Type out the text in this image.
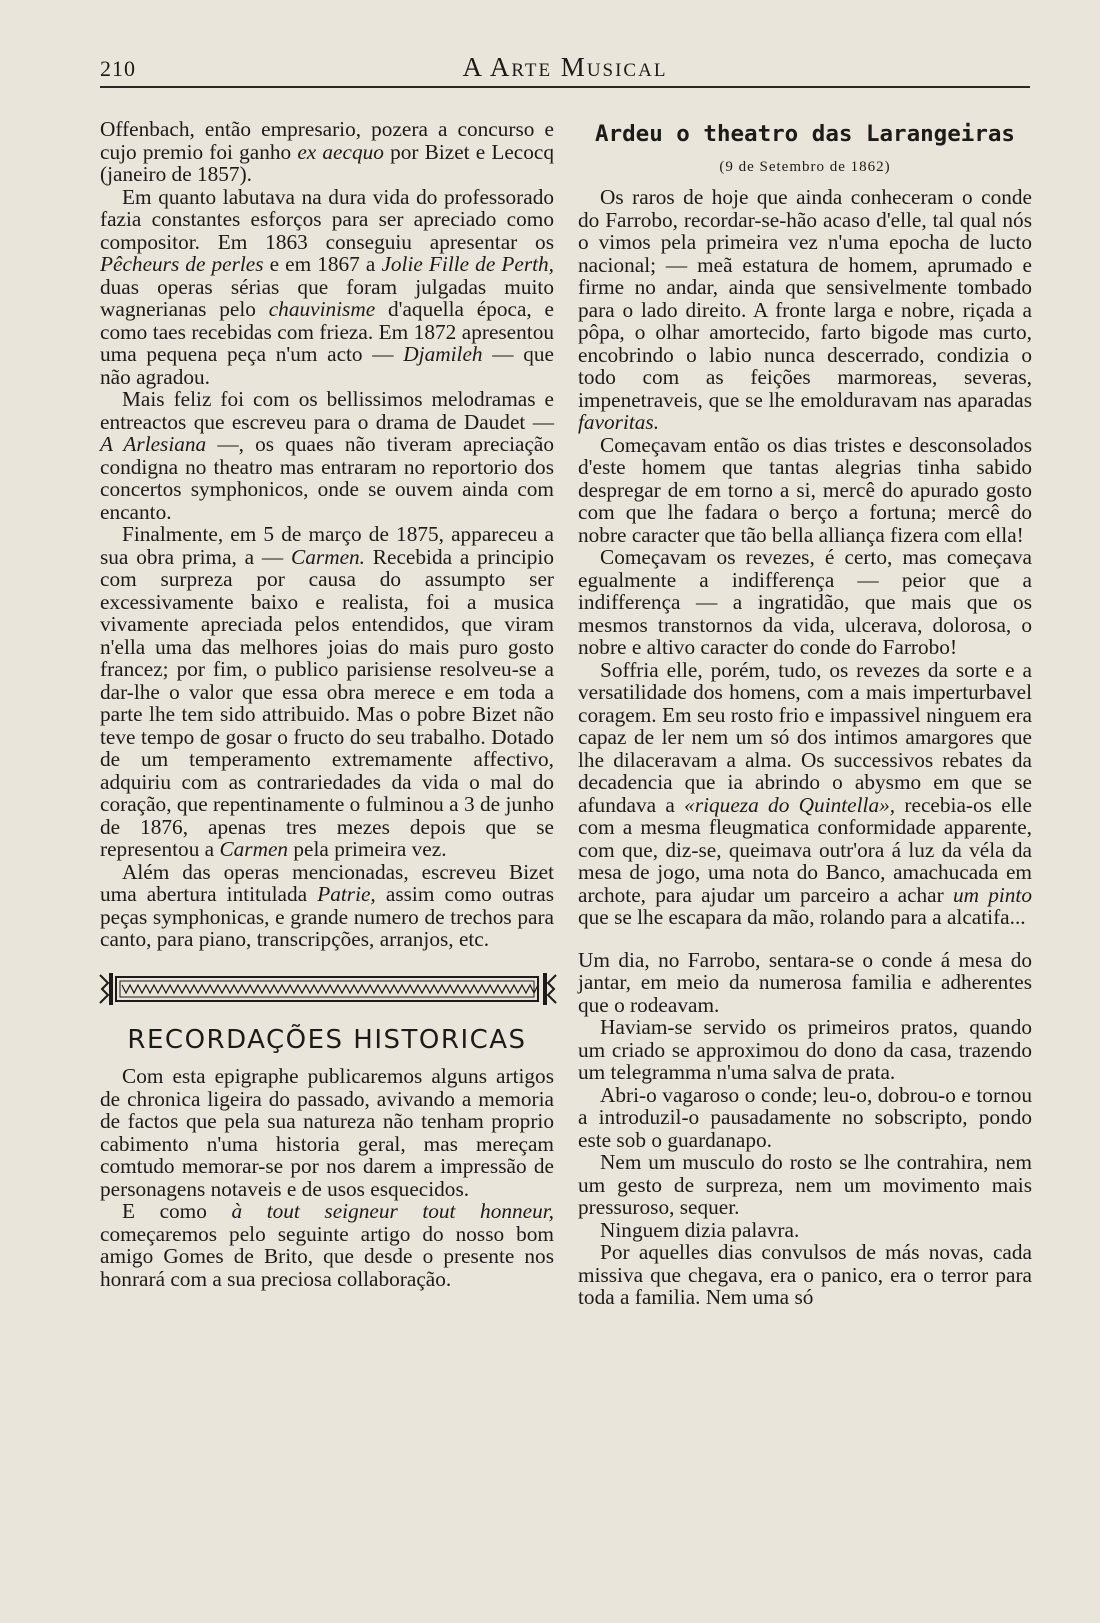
210	A Arte Musical

Offenbach, então empresario, pozera a concurso e cujo premio foi ganho ex aecquo por Bizet e Lecocq (janeiro de 1857).

Em quanto labutava na dura vida do professorado fazia constantes esforços para ser apreciado como compositor. Em 1863 conseguiu apresentar os Pêcheurs de perles e em 1867 a Jolie Fille de Perth, duas operas sérias que foram julgadas muito wagnerianas pelo chauvinisme d'aquella época, e como taes recebidas com frieza. Em 1872 apresentou uma pequena peça n'um acto — Djamileh — que não agradou.

Mais feliz foi com os bellissimos melodramas e entreactos que escreveu para o drama de Daudet — A Arlesiana —, os quaes não tiveram apreciação condigna no theatro mas entraram no reportorio dos concertos symphonicos, onde se ouvem ainda com encanto.

Finalmente, em 5 de março de 1875, appareceu a sua obra prima, a — Carmen. Recebida a principio com surpreza por causa do assumpto ser excessivamente baixo e realista, foi a musica vivamente apreciada pelos entendidos, que viram n'ella uma das melhores joias do mais puro gosto francez; por fim, o publico parisiense resolveu-se a dar-lhe o valor que essa obra merece e em toda a parte lhe tem sido attribuido. Mas o pobre Bizet não teve tempo de gosar o fructo do seu trabalho. Dotado de um temperamento extremamente affectivo, adquiriu com as contrariedades da vida o mal do coração, que repentinamente o fulminou a 3 de junho de 1876, apenas tres mezes depois que se representou a Carmen pela primeira vez.

Além das operas mencionadas, escreveu Bizet uma abertura intitulada Patrie, assim como outras peças symphonicas, e grande numero de trechos para canto, para piano, transcripções, arranjos, etc.

RECORDAÇÕES HISTORICAS

Com esta epigraphe publicaremos alguns artigos de chronica ligeira do passado, avivando a memoria de factos que pela sua natureza não tenham proprio cabimento n'uma historia geral, mas mereçam comtudo memorar-se por nos darem a impressão de personagens notaveis e de usos esquecidos.

E como à tout seigneur tout honneur, começaremos pelo seguinte artigo do nosso bom amigo Gomes de Brito, que desde o presente nos honrará com a sua preciosa collaboração.

Ardeu o theatro das Larangeiras
(9 de Setembro de 1862)

Os raros de hoje que ainda conheceram o conde do Farrobo, recordar-se-hão acaso d'elle, tal qual nós o vimos pela primeira vez n'uma epocha de lucto nacional; — meã estatura de homem, aprumado e firme no andar, ainda que sensivelmente tombado para o lado direito. A fronte larga e nobre, riçada a pôpa, o olhar amortecido, farto bigode mas curto, encobrindo o labio nunca descerrado, condizia o todo com as feições marmoreas, severas, impenetraveis, que se lhe emolduravam nas aparadas favoritas.

Começavam então os dias tristes e desconsolados d'este homem que tantas alegrias tinha sabido despregar de em torno a si, mercê do apurado gosto com que lhe fadara o berço a fortuna; mercê do nobre caracter que tão bella alliança fizera com ella!

Começavam os revezes, é certo, mas começava egualmente a indifferença — peior que a indifferença — a ingratidão, que mais que os mesmos transtornos da vida, ulcerava, dolorosa, o nobre e altivo caracter do conde do Farrobo!

Soffria elle, porém, tudo, os revezes da sorte e a versatilidade dos homens, com a mais imperturbavel coragem. Em seu rosto frio e impassivel ninguem era capaz de ler nem um só dos intimos amargores que lhe dilaceravam a alma. Os successivos rebates da decadencia que ia abrindo o abysmo em que se afundava a «riqueza do Quintella», recebia-os elle com a mesma fleugmatica conformidade apparente, com que, diz-se, queimava outr'ora á luz da véla da mesa de jogo, uma nota do Banco, amachucada em archote, para ajudar um parceiro a achar um pinto que se lhe escapara da mão, rolando para a alcatifa...

Um dia, no Farrobo, sentara-se o conde á mesa do jantar, em meio da numerosa familia e adherentes que o rodeavam.

Haviam-se servido os primeiros pratos, quando um criado se approximou do dono da casa, trazendo um telegramma n'uma salva de prata.

Abri-o vagaroso o conde; leu-o, dobrou-o e tornou a introduzil-o pausadamente no sobscripto, pondo este sob o guardanapo.

Nem um musculo do rosto se lhe contrahira, nem um gesto de surpreza, nem um movimento mais pressuroso, sequer.

Ninguem dizia palavra.

Por aquelles dias convulsos de más novas, cada missiva que chegava, era o panico, era o terror para toda a familia. Nem uma só
